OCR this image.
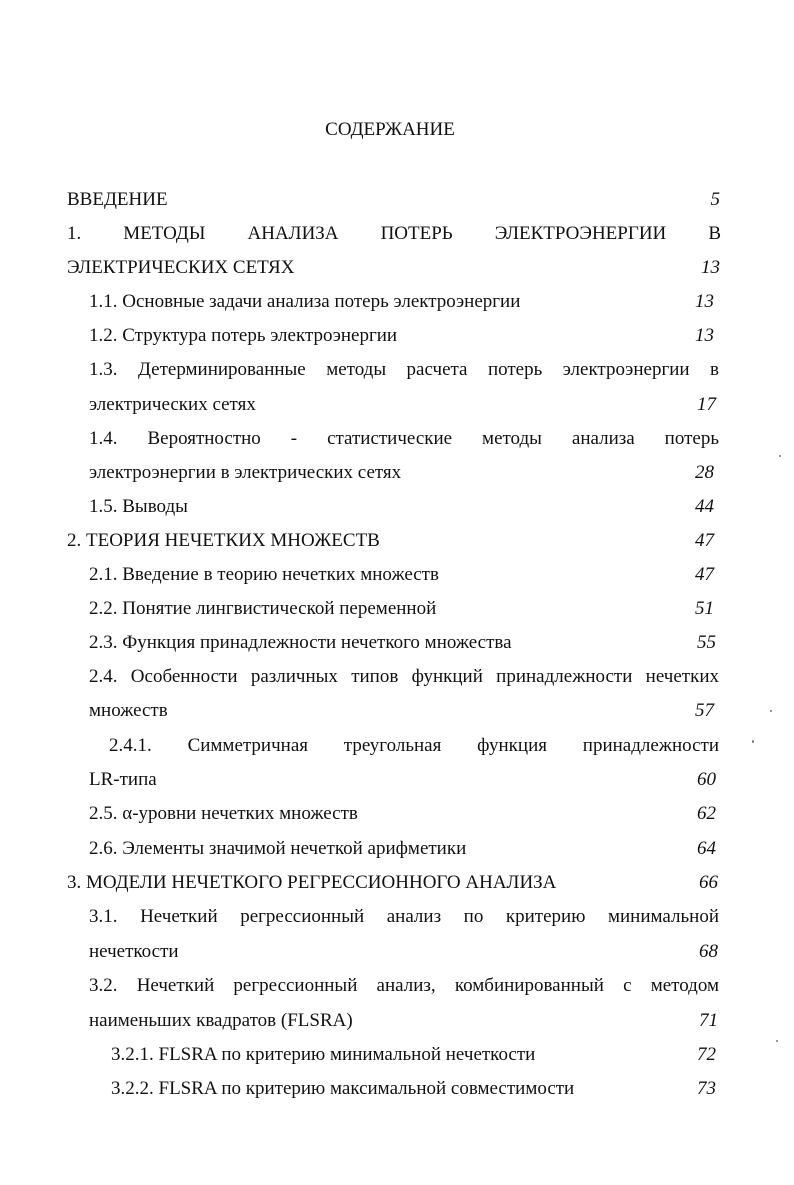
СОДЕРЖАНИЕ
ВВЕДЕНИЕ	5
1. МЕТОДЫ АНАЛИЗА ПОТЕРЬ ЭЛЕКТРОЭНЕРГИИ В
ЭЛЕКТРИЧЕСКИХ СЕТЯХ	13
1.1. Основные задачи анализа потерь электроэнергии	13
1.2. Структура потерь электроэнергии	13
1.3. Детерминированные методы расчета потерь электроэнергии в
электрических сетях	17
1.4. Вероятностно - статистические методы анализа потерь
электроэнергии в электрических сетях	28
1.5. Выводы	44
2. ТЕОРИЯ НЕЧЕТКИХ МНОЖЕСТВ	47
2.1. Введение в теорию нечетких множеств	47
2.2. Понятие лингвистической переменной	51
2.3. Функция принадлежности нечеткого множества	55
2.4. Особенности различных типов функций принадлежности нечетких
множеств	57
2.4.1. Симметричная треугольная функция принадлежности
LR-типа	60
2.5. α-уровни нечетких множеств	62
2.6. Элементы значимой нечеткой арифметики	64
3. МОДЕЛИ НЕЧЕТКОГО РЕГРЕССИОННОГО АНАЛИЗА	66
3.1. Нечеткий регрессионный анализ по критерию минимальной
нечеткости	68
3.2. Нечеткий регрессионный анализ, комбинированный с методом
наименьших квадратов (FLSRA)	71
3.2.1. FLSRA по критерию минимальной нечеткости	72
3.2.2. FLSRA по критерию максимальной совместимости	73
